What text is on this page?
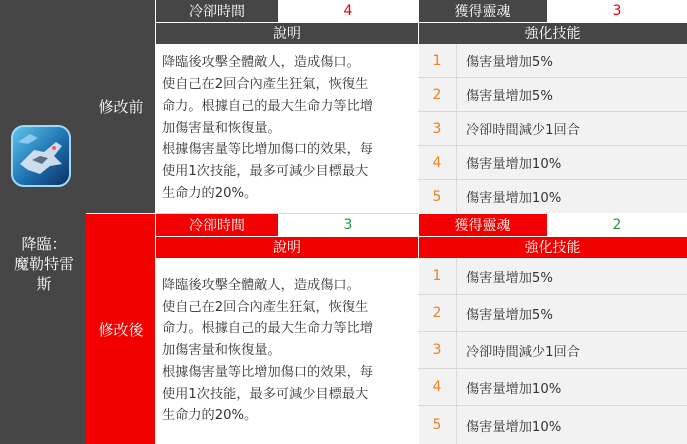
降臨：
魔勒特雷
斯
修改前
冷卻時間	4	獲得靈魂	3
說明	強化技能
降臨後攻擊全體敵人，造成傷口。
使自己在2回合內產生狂氣，恢復生
命力。根據自己的最大生命力等比增
加傷害量和恢復量。
根據傷害量等比增加傷口的效果，每
使用1次技能，最多可減少目標最大
生命力的20%。
1 傷害量增加5%
2 傷害量增加5%
3 冷卻時間減少1回合
4 傷害量增加10%
5 傷害量增加10%
修改後
冷卻時間	3	獲得靈魂	2
說明	強化技能
降臨後攻擊全體敵人，造成傷口。
使自己在2回合內產生狂氣，恢復生
命力。根據自己的最大生命力等比增
加傷害量和恢復量。
根據傷害量等比增加傷口的效果，每
使用1次技能，最多可減少目標最大
生命力的20%。
1 傷害量增加5%
2 傷害量增加5%
3 冷卻時間減少1回合
4 傷害量增加10%
5 傷害量增加10%
